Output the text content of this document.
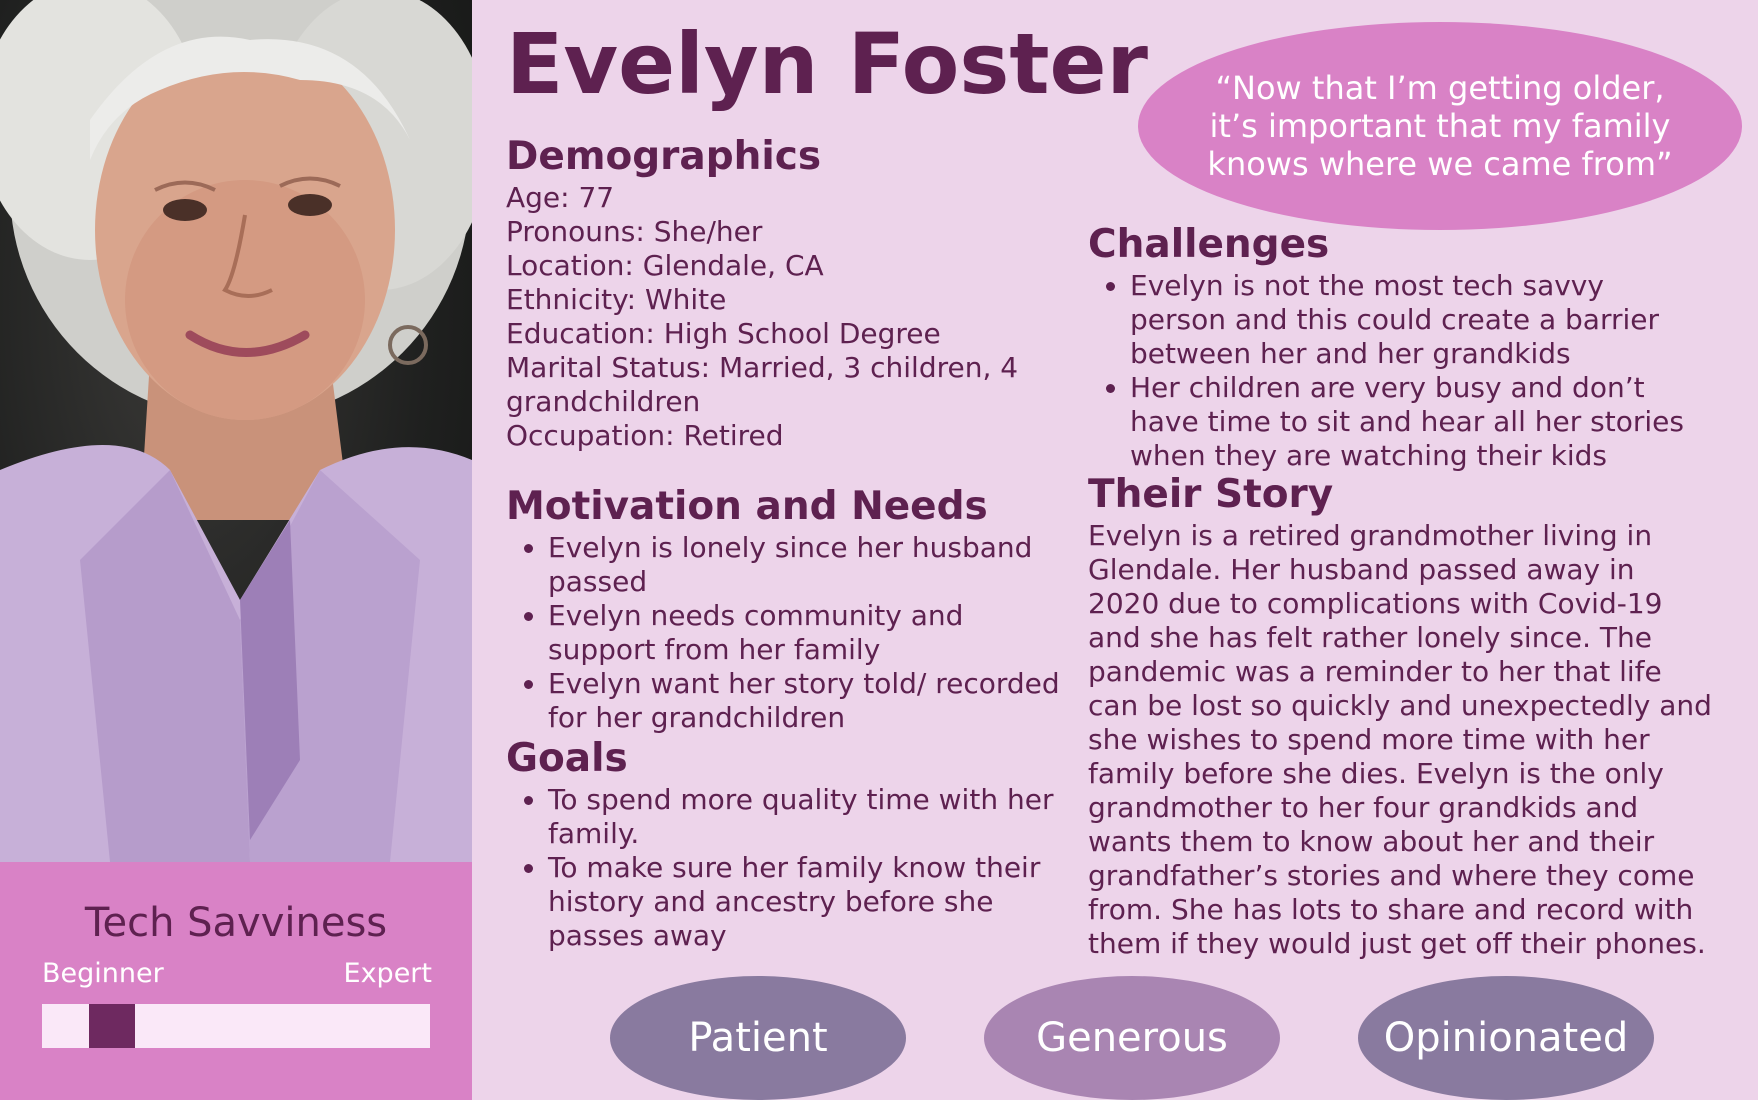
Tech Savviness
Beginner	Expert
Evelyn Foster	“Now that I’m getting older, it’s important that my family knows where we came from”
Demographics

Age: 77

Pronouns: She/her

Location: Glendale, CA

Ethnicity: White

Education: High School Degree

Marital Status: Married, 3 children, 4 grandchildren

Occupation: Retired

Motivation and Needs
• Evelyn is lonely since her husband passed
• Evelyn needs community and support from her family
• Evelyn want her story told/ recorded for her grandchildren
Goals
• To spend more quality time with her family.
• To make sure her family know their history and ancestry before she passes away
Challenges
• Evelyn is not the most tech savvy person and this could create a barrier between her and her grandkids
• Her children are very busy and don’t have time to sit and hear all her stories when they are watching their kids
Their Story

Evelyn is a retired grandmother living in Glendale. Her husband passed away in 2020 due to complications with Covid-19 and she has felt rather lonely since. The pandemic was a reminder to her that life can be lost so quickly and unexpectedly and she wishes to spend more time with her family before she dies. Evelyn is the only grandmother to her four grandkids and wants them to know about her and their grandfather’s stories and where they come from. She has lots to share and record with them if they would just get off their phones.

Patient	Generous	Opinionated
